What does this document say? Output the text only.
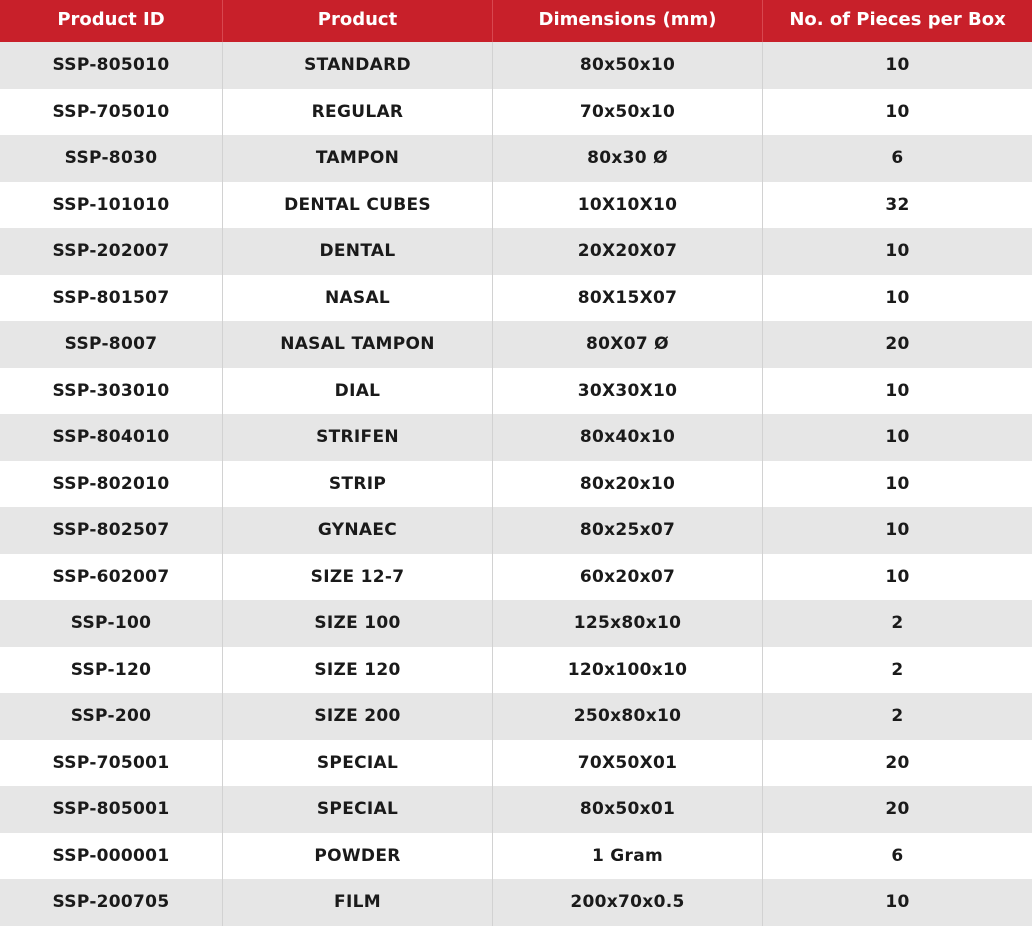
Product ID	Product	Dimensions (mm)	No. of Pieces per Box
SSP-805010	STANDARD	80x50x10	10
SSP-705010	REGULAR	70x50x10	10
SSP-8030	TAMPON	80x30 Ø	6
SSP-101010	DENTAL CUBES	10X10X10	32
SSP-202007	DENTAL	20X20X07	10
SSP-801507	NASAL	80X15X07	10
SSP-8007	NASAL TAMPON	80X07 Ø	20
SSP-303010	DIAL	30X30X10	10
SSP-804010	STRIFEN	80x40x10	10
SSP-802010	STRIP	80x20x10	10
SSP-802507	GYNAEC	80x25x07	10
SSP-602007	SIZE 12-7	60x20x07	10
SSP-100	SIZE 100	125x80x10	2
SSP-120	SIZE 120	120x100x10	2
SSP-200	SIZE 200	250x80x10	2
SSP-705001	SPECIAL	70X50X01	20
SSP-805001	SPECIAL	80x50x01	20
SSP-000001	POWDER	1 Gram	6
SSP-200705	FILM	200x70x0.5	10
